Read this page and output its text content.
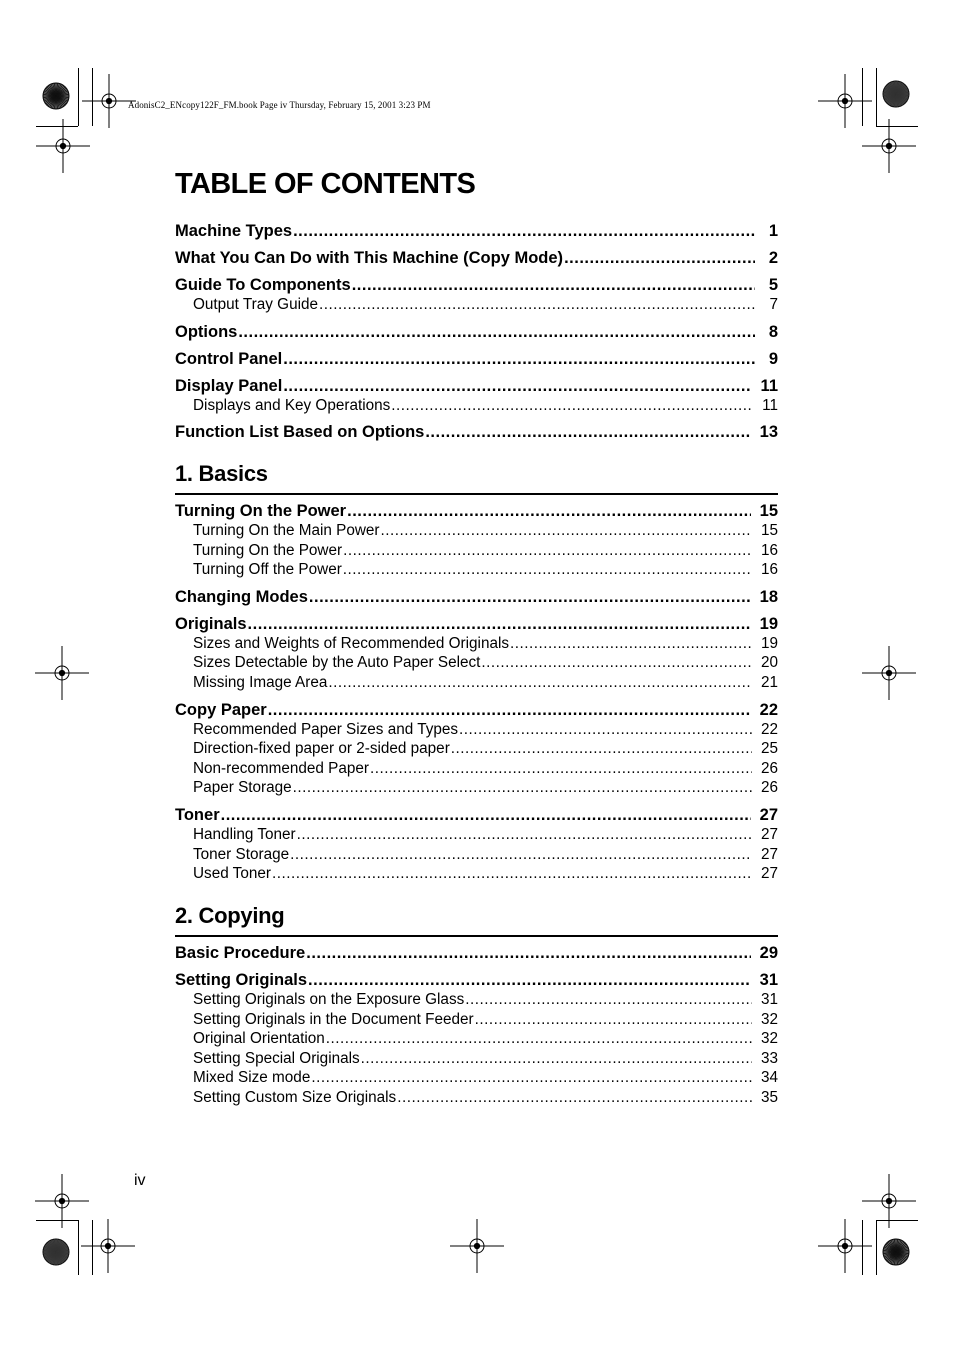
AdonisC2_ENcopy122F_FM.book Page iv Thursday, February 15, 2001 3:23 PM
TABLE OF CONTENTS
Machine Types .....	1
What You Can Do with This Machine (Copy Mode) .....	2
Guide To Components .....	5
Output Tray Guide .....	7
Options .....	8
Control Panel .....	9
Display Panel .....	11
Displays and Key Operations .....	11
Function List Based on Options .....	13
1. Basics
Turning On the Power .....	15
Turning On the Main Power .....	15
Turning On the Power .....	16
Turning Off the Power .....	16
Changing Modes .....	18
Originals .....	19
Sizes and Weights of Recommended Originals .....	19
Sizes Detectable by the Auto Paper Select .....	20
Missing Image Area .....	21
Copy Paper .....	22
Recommended Paper Sizes and Types .....	22
Direction-fixed paper or 2-sided paper .....	25
Non-recommended Paper .....	26
Paper Storage .....	26
Toner .....	27
Handling Toner .....	27
Toner Storage .....	27
Used Toner .....	27
2. Copying
Basic Procedure .....	29
Setting Originals .....	31
Setting Originals on the Exposure Glass .....	31
Setting Originals in the Document Feeder .....	32
Original Orientation .....	32
Setting Special Originals .....	33
Mixed Size mode .....	34
Setting Custom Size Originals .....	35
iv
